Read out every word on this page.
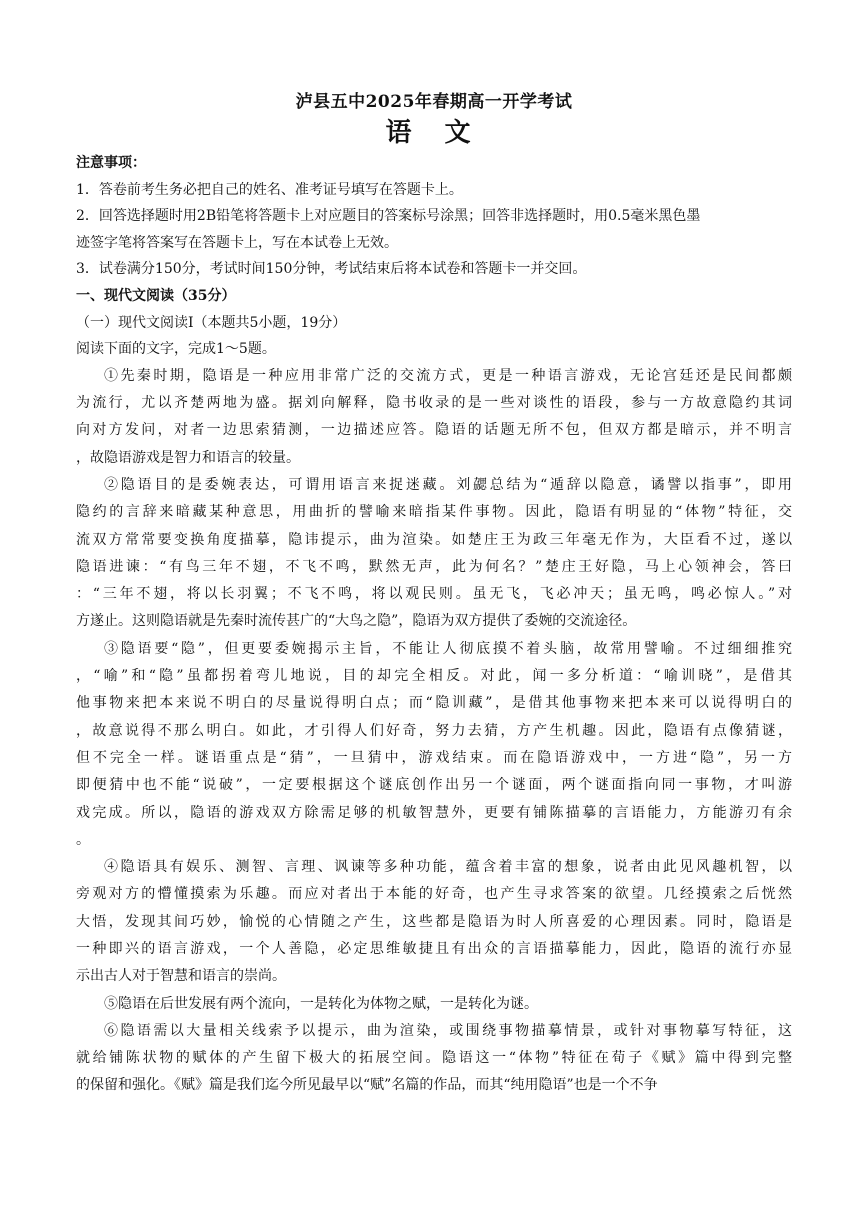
泸县五中2025年春期高一开学考试
语 文

注意事项：

1．答卷前考生务必把自己的姓名、准考证号填写在答题卡上。

2．回答选择题时用2B铅笔将答题卡上对应题目的答案标号涂黑；回答非选择题时，用0.5毫米黑色墨

迹签字笔将答案写在答题卡上，写在本试卷上无效。

3．试卷满分150分，考试时间150分钟，考试结束后将本试卷和答题卡一并交回。

一、现代文阅读（35分）

（一）现代文阅读Ⅰ（本题共5小题，19分）

阅读下面的文字，完成1～5题。

①先秦时期，隐语是一种应用非常广泛的交流方式，更是一种语言游戏，无论宫廷还是民间都颇
为流行，尤以齐楚两地为盛。据刘向解释，隐书收录的是一些对谈性的语段，参与一方故意隐约其词
向对方发问，对者一边思索猜测，一边描述应答。隐语的话题无所不包，但双方都是暗示，并不明言
，故隐语游戏是智力和语言的较量。
②隐语目的是委婉表达，可谓用语言来捉迷藏。刘勰总结为“遁辞以隐意，谲譬以指事”，即用
隐约的言辞来暗藏某种意思，用曲折的譬喻来暗指某件事物。因此，隐语有明显的“体物”特征，交
流双方常常要变换角度描摹，隐讳提示，曲为渲染。如楚庄王为政三年毫无作为，大臣看不过，遂以
隐语进谏：“有鸟三年不翅，不飞不鸣，默然无声，此为何名？”楚庄王好隐，马上心领神会，答曰
：“三年不翅，将以长羽翼；不飞不鸣，将以观民则。虽无飞，飞必冲天；虽无鸣，鸣必惊人。”对
方遂止。这则隐语就是先秦时流传甚广的“大鸟之隐”，隐语为双方提供了委婉的交流途径。
③隐语要“隐”，但更要委婉揭示主旨，不能让人彻底摸不着头脑，故常用譬喻。不过细细推究
，“喻”和“隐”虽都拐着弯儿地说，目的却完全相反。对此，闻一多分析道：“喻训晓”，是借其
他事物来把本来说不明白的尽量说得明白点；而“隐训藏”，是借其他事物来把本来可以说得明白的
，故意说得不那么明白。如此，才引得人们好奇，努力去猜，方产生机趣。因此，隐语有点像猜谜，
但不完全一样。谜语重点是“猜”，一旦猜中，游戏结束。而在隐语游戏中，一方进“隐”，另一方
即便猜中也不能“说破”，一定要根据这个谜底创作出另一个谜面，两个谜面指向同一事物，才叫游
戏完成。所以，隐语的游戏双方除需足够的机敏智慧外，更要有铺陈描摹的言语能力，方能游刃有余
。
④隐语具有娱乐、测智、言理、讽谏等多种功能，蕴含着丰富的想象，说者由此见风趣机智，以
旁观对方的懵懂摸索为乐趣。而应对者出于本能的好奇，也产生寻求答案的欲望。几经摸索之后恍然
大悟，发现其间巧妙，愉悦的心情随之产生，这些都是隐语为时人所喜爱的心理因素。同时，隐语是
一种即兴的语言游戏，一个人善隐，必定思维敏捷且有出众的言语描摹能力，因此，隐语的流行亦显
示出古人对于智慧和语言的崇尚。
⑤隐语在后世发展有两个流向，一是转化为体物之赋，一是转化为谜。
⑥隐语需以大量相关线索予以提示，曲为渲染，或围绕事物描摹情景，或针对事物摹写特征，这
就给铺陈状物的赋体的产生留下极大的拓展空间。隐语这一“体物”特征在荀子《赋》篇中得到完整
的保留和强化。《赋》篇是我们迄今所见最早以“赋”名篇的作品，而其“纯用隐语”也是一个不争
